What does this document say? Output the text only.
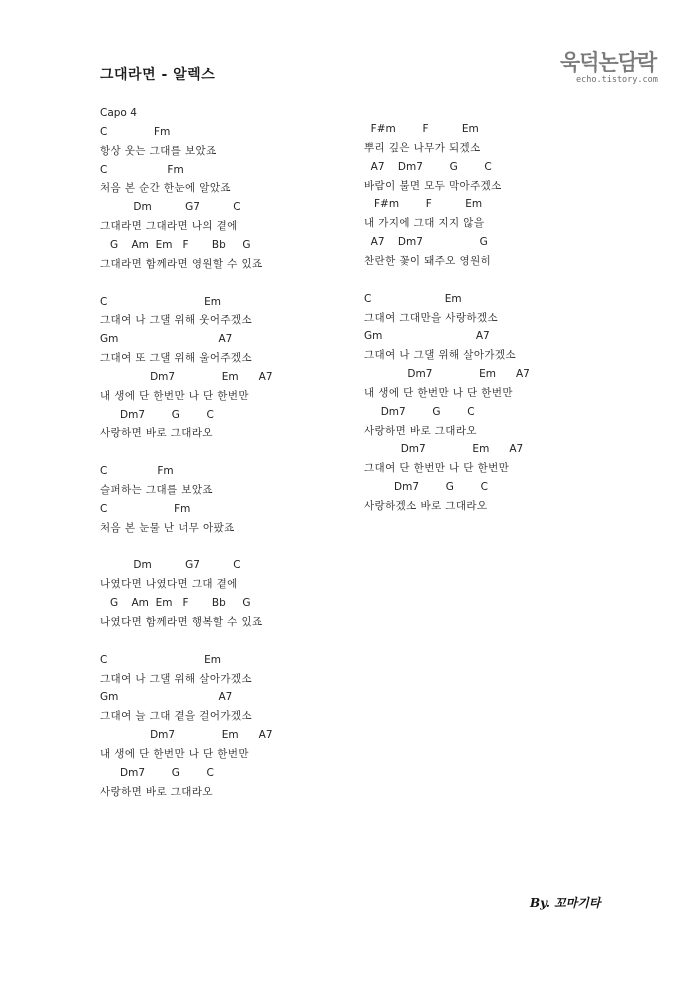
그대라면 - 알렉스	욱덕논담락
echo.tistory.com
Capo 4
C              Fm
항상 웃는 그대를 보았죠
C                  Fm
처음 본 순간 한눈에 알았죠
Dm          G7          C
그대라면 그대라면 나의 곁에
G    Am  Em   F       Bb     G
그대라면 함께라면 영원할 수 있죠
C                             Em
그대여 나 그댈 위해 웃어주겠소
Gm                              A7
그대여 또 그댈 위해 울어주겠소
Dm7              Em      A7
내 생에 단 한번만 나 단 한번만
Dm7        G        C
사랑하면 바로 그대라오
C               Fm
슬퍼하는 그대를 보았죠
C                    Fm
처음 본 눈물 난 너무 아팠죠
Dm          G7          C
나였다면 나였다면 그대 곁에
G    Am  Em   F       Bb     G
나였다면 함께라면 행복할 수 있죠
C                             Em
그대여 나 그댈 위해 살아가겠소
Gm                              A7
그대여 늘 그대 곁을 걸어가겠소
Dm7              Em      A7
내 생에 단 한번만 나 단 한번만
Dm7        G        C
사랑하면 바로 그대라오
F#m        F          Em
뿌리 깊은 나무가 되겠소
A7    Dm7        G        C
바람이 불면 모두 막아주겠소
F#m        F          Em
내 가지에 그대 지지 않을
A7    Dm7                 G
찬란한 꽃이 돼주오 영원히
C                      Em
그대여 그대만을 사랑하겠소
Gm                            A7
그대여 나 그댈 위해 살아가겠소
Dm7              Em      A7
내 생에 단 한번만 나 단 한번만
Dm7        G        C
사랑하면 바로 그대라오
Dm7              Em      A7
그대여 단 한번만 나 단 한번만
Dm7        G        C
사랑하겠소 바로 그대라오
By. 꼬마기타
